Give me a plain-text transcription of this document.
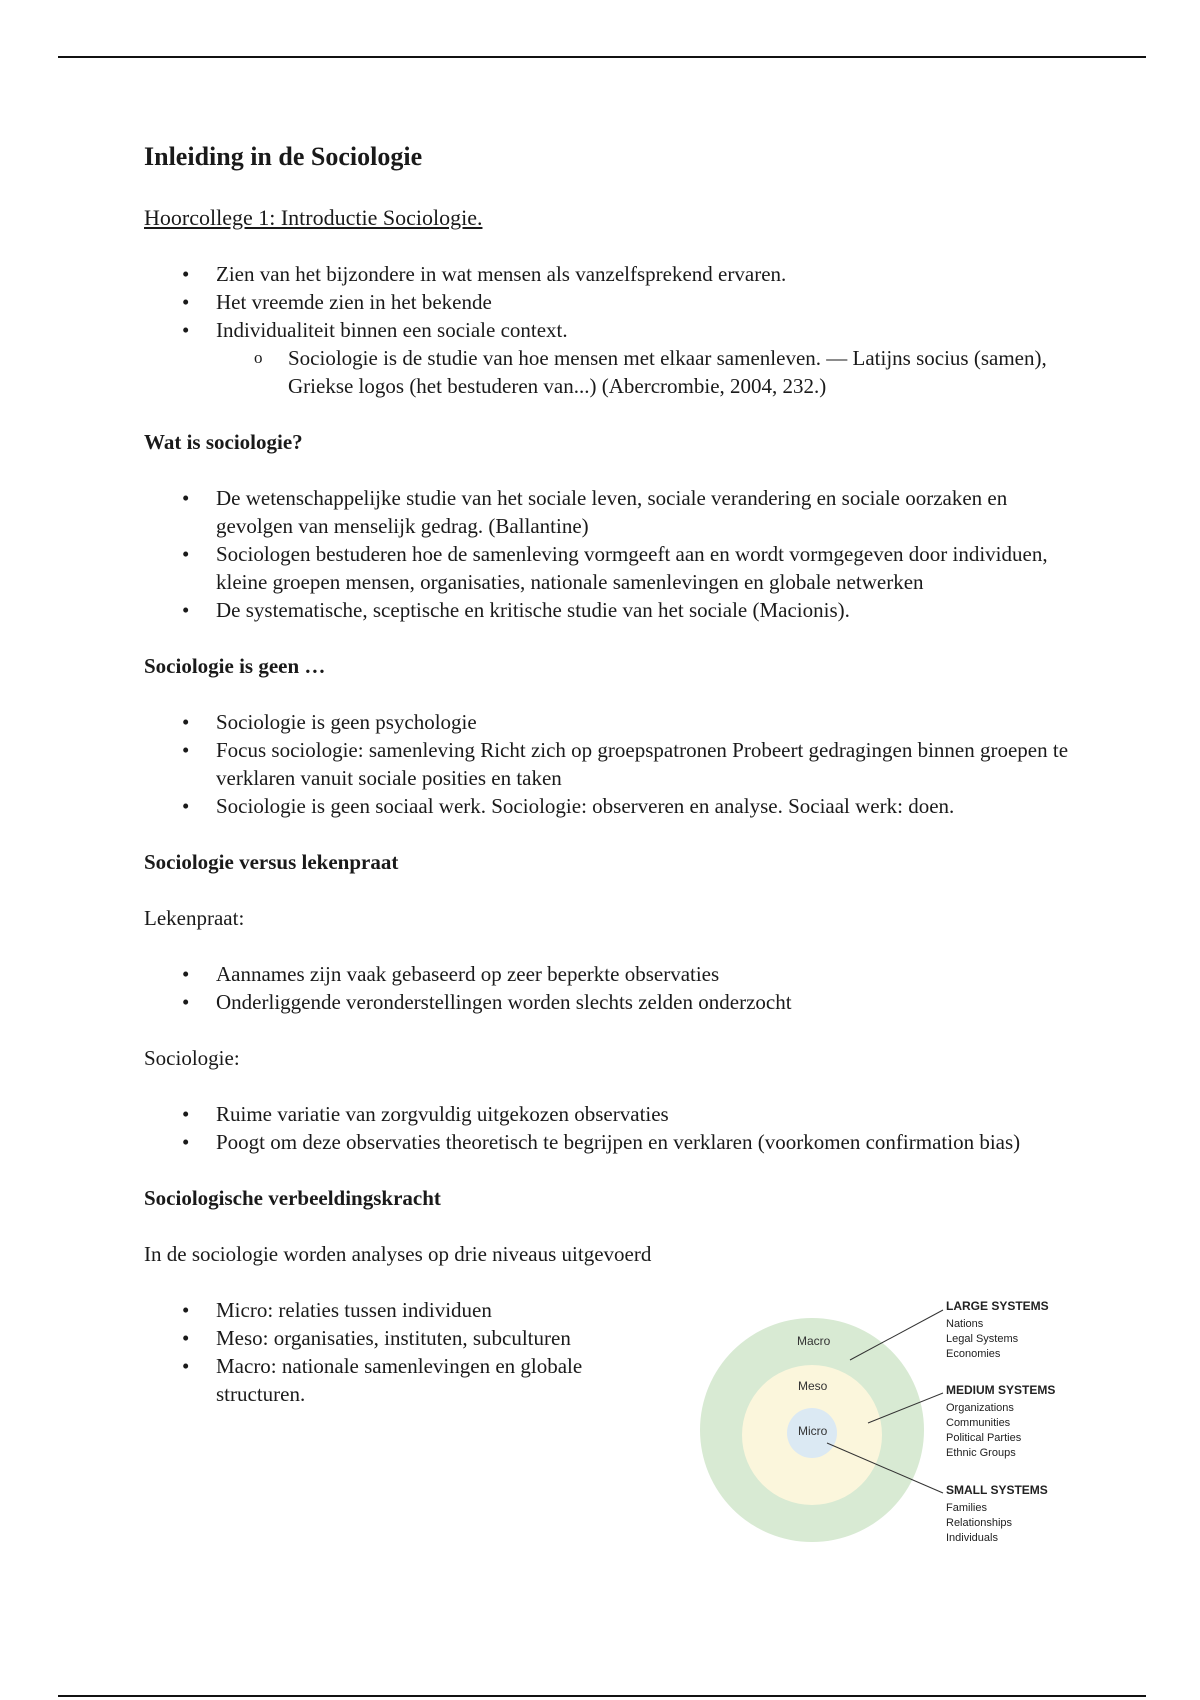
Inleiding in de Sociologie
Hoorcollege 1: Introductie Sociologie.
• Zien van het bijzondere in wat mensen als vanzelfsprekend ervaren.
• Het vreemde zien in het bekende
• Individualiteit binnen een sociale context.
o Sociologie is de studie van hoe mensen met elkaar samenleven. — Latijns socius (samen), Griekse logos (het bestuderen van...) (Abercrombie, 2004, 232.)
Wat is sociologie?
• De wetenschappelijke studie van het sociale leven, sociale verandering en sociale oorzaken en gevolgen van menselijk gedrag. (Ballantine)
• Sociologen bestuderen hoe de samenleving vormgeeft aan en wordt vormgegeven door individuen, kleine groepen mensen, organisaties, nationale samenlevingen en globale netwerken
• De systematische, sceptische en kritische studie van het sociale (Macionis).
Sociologie is geen …
• Sociologie is geen psychologie
• Focus sociologie: samenleving Richt zich op groepspatronen Probeert gedragingen binnen groepen te verklaren vanuit sociale posities en taken
• Sociologie is geen sociaal werk. Sociologie: observeren en analyse. Sociaal werk: doen.
Sociologie versus lekenpraat

Lekenpraat:

• Aannames zijn vaak gebaseerd op zeer beperkte observaties
• Onderliggende veronderstellingen worden slechts zelden onderzocht

Sociologie:

• Ruime variatie van zorgvuldig uitgekozen observaties
• Poogt om deze observaties theoretisch te begrijpen en verklaren (voorkomen confirmation bias)
Sociologische verbeeldingskracht

In de sociologie worden analyses op drie niveaus uitgevoerd

• Micro: relaties tussen individuen
• Meso: organisaties, instituten, subculturen
• Macro: nationale samenlevingen en globale structuren.
Macro
Meso
Micro
LARGE SYSTEMS
Nations
Legal Systems
Economies
MEDIUM SYSTEMS
Organizations
Communities
Political Parties
Ethnic Groups
SMALL SYSTEMS
Families
Relationships
Individuals
